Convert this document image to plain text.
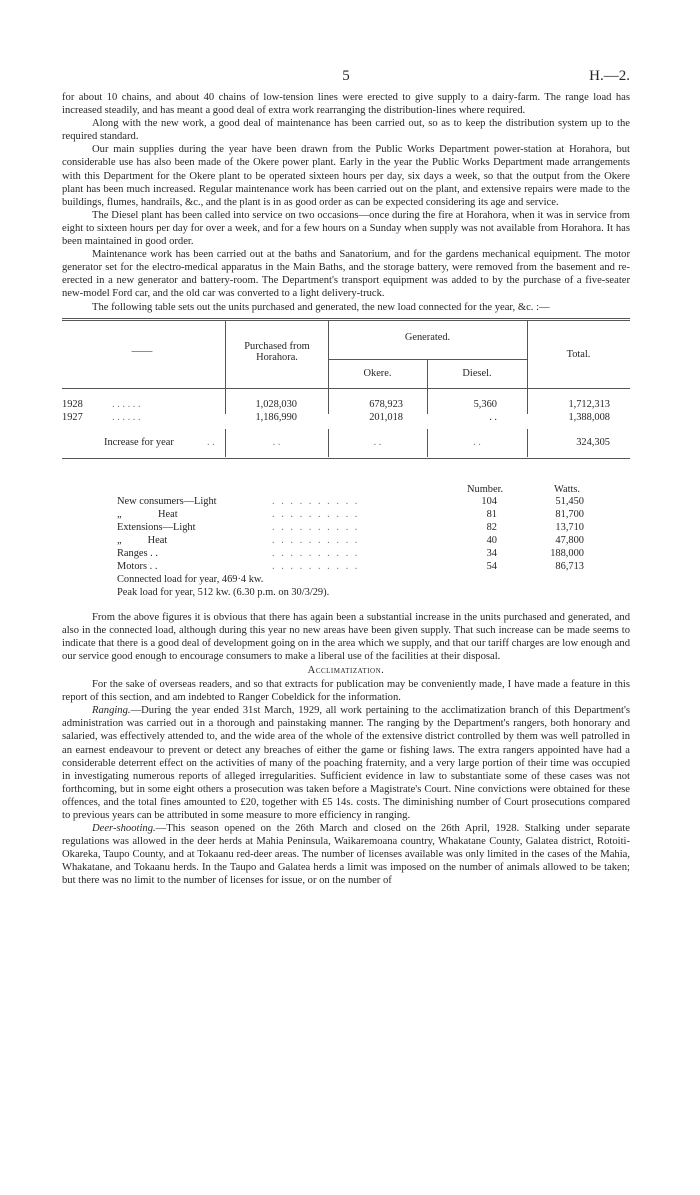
5	H.—2.

for about 10 chains, and about 40 chains of low-tension lines were erected to give supply to a dairy-farm. The range load has increased steadily, and has meant a good deal of extra work rearranging the distribution-lines where required.

Along with the new work, a good deal of maintenance has been carried out, so as to keep the distribution system up to the required standard.

Our main supplies during the year have been drawn from the Public Works Department power-station at Horahora, but considerable use has also been made of the Okere power plant. Early in the year the Public Works Department made arrangements with this Department for the Okere plant to be operated sixteen hours per day, six days a week, so that the output from the Okere plant has been much increased. Regular maintenance work has been carried out on the plant, and extensive repairs were made to the buildings, flumes, handrails, &c., and the plant is in as good order as can be expected considering its age and service.

The Diesel plant has been called into service on two occasions—once during the fire at Horahora, when it was in service from eight to sixteen hours per day for over a week, and for a few hours on a Sunday when supply was not available from Horahora. It has been maintained in good order.

Maintenance work has been carried out at the baths and Sanatorium, and for the gardens mechanical equipment. The motor generator set for the electro-medical apparatus in the Main Baths, and the storage battery, were removed from the basement and re-erected in a new generator and battery-room. The Department's transport equipment was added to by the purchase of a five-seater new-model Ford car, and the old car was converted to a light delivery-truck.

The following table sets out the units purchased and generated, the new load connected for the year, &c. :—

——	Purchased from Horahora.
Generated.
Okere.	Diesel.
Total.
1928	. . . . . .	1,028,030	678,923	5,360	1,712,313
1927	. . . . . .	1,186,990	201,018	. .	1,388,008
Increase for year	. .	. .	. .	. .	324,305
Number.	Watts.
New consumers—Light	. . . . . . . . . .	104	51,450
„              Heat	. . . . . . . . . .	81	81,700
Extensions—Light	. . . . . . . . . .	82	13,710
„          Heat	. . . . . . . . . .	40	47,800
Ranges . .	. . . . . . . . . .	34	188,000
Motors . .	. . . . . . . . . .	54	86,713
Connected load for year, 469·4 kw.
Peak load for year, 512 kw. (6.30 p.m. on 30/3/29).

From the above figures it is obvious that there has again been a substantial increase in the units purchased and generated, and also in the connected load, although during this year no new areas have been given supply. That such increase can be made seems to indicate that there is a good deal of development going on in the area which we supply, and that our tariff charges are low enough and our service good enough to encourage consumers to make a liberal use of the facilities at their disposal.

Acclimatization.

For the sake of overseas readers, and so that extracts for publication may be conveniently made, I have made a feature in this report of this section, and am indebted to Ranger Cobeldick for the information.

Ranging.—During the year ended 31st March, 1929, all work pertaining to the acclimatization branch of this Department's administration was carried out in a thorough and painstaking manner. The ranging by the Department's rangers, both honorary and salaried, was effectively attended to, and the wide area of the whole of the extensive district controlled by them was well patrolled in an earnest endeavour to prevent or detect any breaches of either the game or fishing laws. The extra rangers appointed have had a considerable deterrent effect on the activities of many of the poaching fraternity, and a very large portion of their time was occupied in investigating numerous reports of alleged irregularities. Sufficient evidence in law to substantiate some of these cases was not forthcoming, but in some eight others a prosecution was taken before a Magistrate's Court. Nine convictions were obtained for these offences, and the total fines amounted to £20, together with £5 14s. costs. The diminishing number of Court prosecutions compared to previous years can be attributed in some measure to more efficiency in ranging.

Deer-shooting.—This season opened on the 26th March and closed on the 26th April, 1928. Stalking under separate regulations was allowed in the deer herds at Mahia Peninsula, Waikaremoana country, Whakatane County, Galatea district, Rotoiti-Okareka, Taupo County, and at Tokaanu red-deer areas. The number of licenses available was only limited in the cases of the Mahia, Whakatane, and Tokaanu herds. In the Taupo and Galatea herds a limit was imposed on the number of animals allowed to be taken; but there was no limit to the number of licenses for issue, or on the number of
